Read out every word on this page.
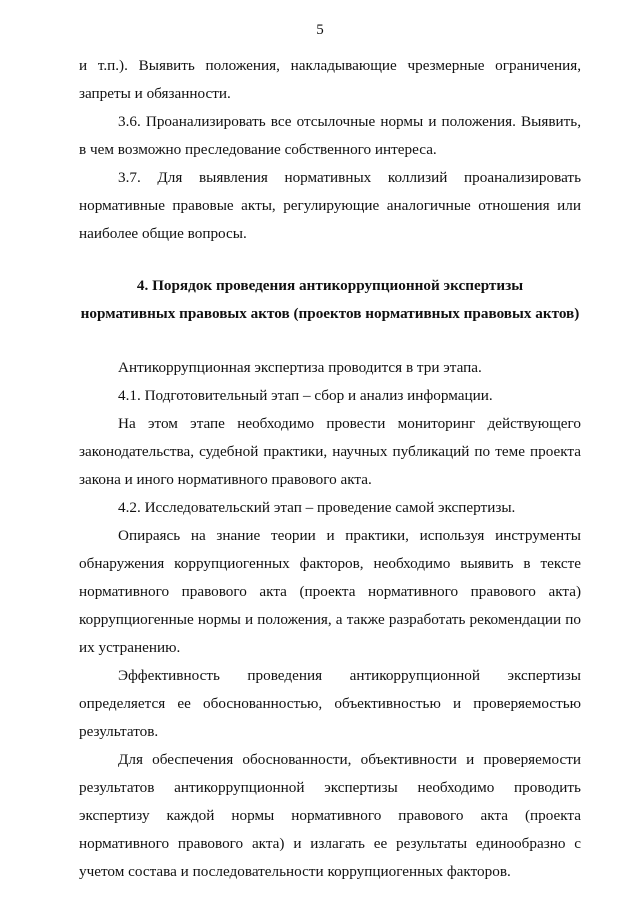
5

и т.п.). Выявить положения, накладывающие чрезмерные ограничения, запреты и обязанности.

3.6. Проанализировать все отсылочные нормы и положения. Выявить, в чем возможно преследование собственного интереса.

3.7. Для выявления нормативных коллизий проанализировать нормативные правовые акты, регулирующие аналогичные отношения или наиболее общие вопросы.

4. Порядок проведения антикоррупционной экспертизы
нормативных правовых актов (проектов нормативных правовых актов)

Антикоррупционная экспертиза проводится в три этапа.

4.1. Подготовительный этап – сбор и анализ информации.

На этом этапе необходимо провести мониторинг действующего законодательства, судебной практики, научных публикаций по теме проекта закона и иного нормативного правового акта.

4.2. Исследовательский этап – проведение самой экспертизы.

Опираясь на знание теории и практики, используя инструменты обнаружения коррупциогенных факторов, необходимо выявить в тексте нормативного правового акта (проекта нормативного правового акта) коррупциогенные нормы и положения, а также разработать рекомендации по их устранению.

Эффективность проведения антикоррупционной экспертизы определяется ее обоснованностью, объективностью и проверяемостью результатов.

Для обеспечения обоснованности, объективности и проверяемости результатов антикоррупционной экспертизы необходимо проводить экспертизу каждой нормы нормативного правового акта (проекта нормативного правового акта) и излагать ее результаты единообразно с учетом состава и последовательности коррупциогенных факторов.
